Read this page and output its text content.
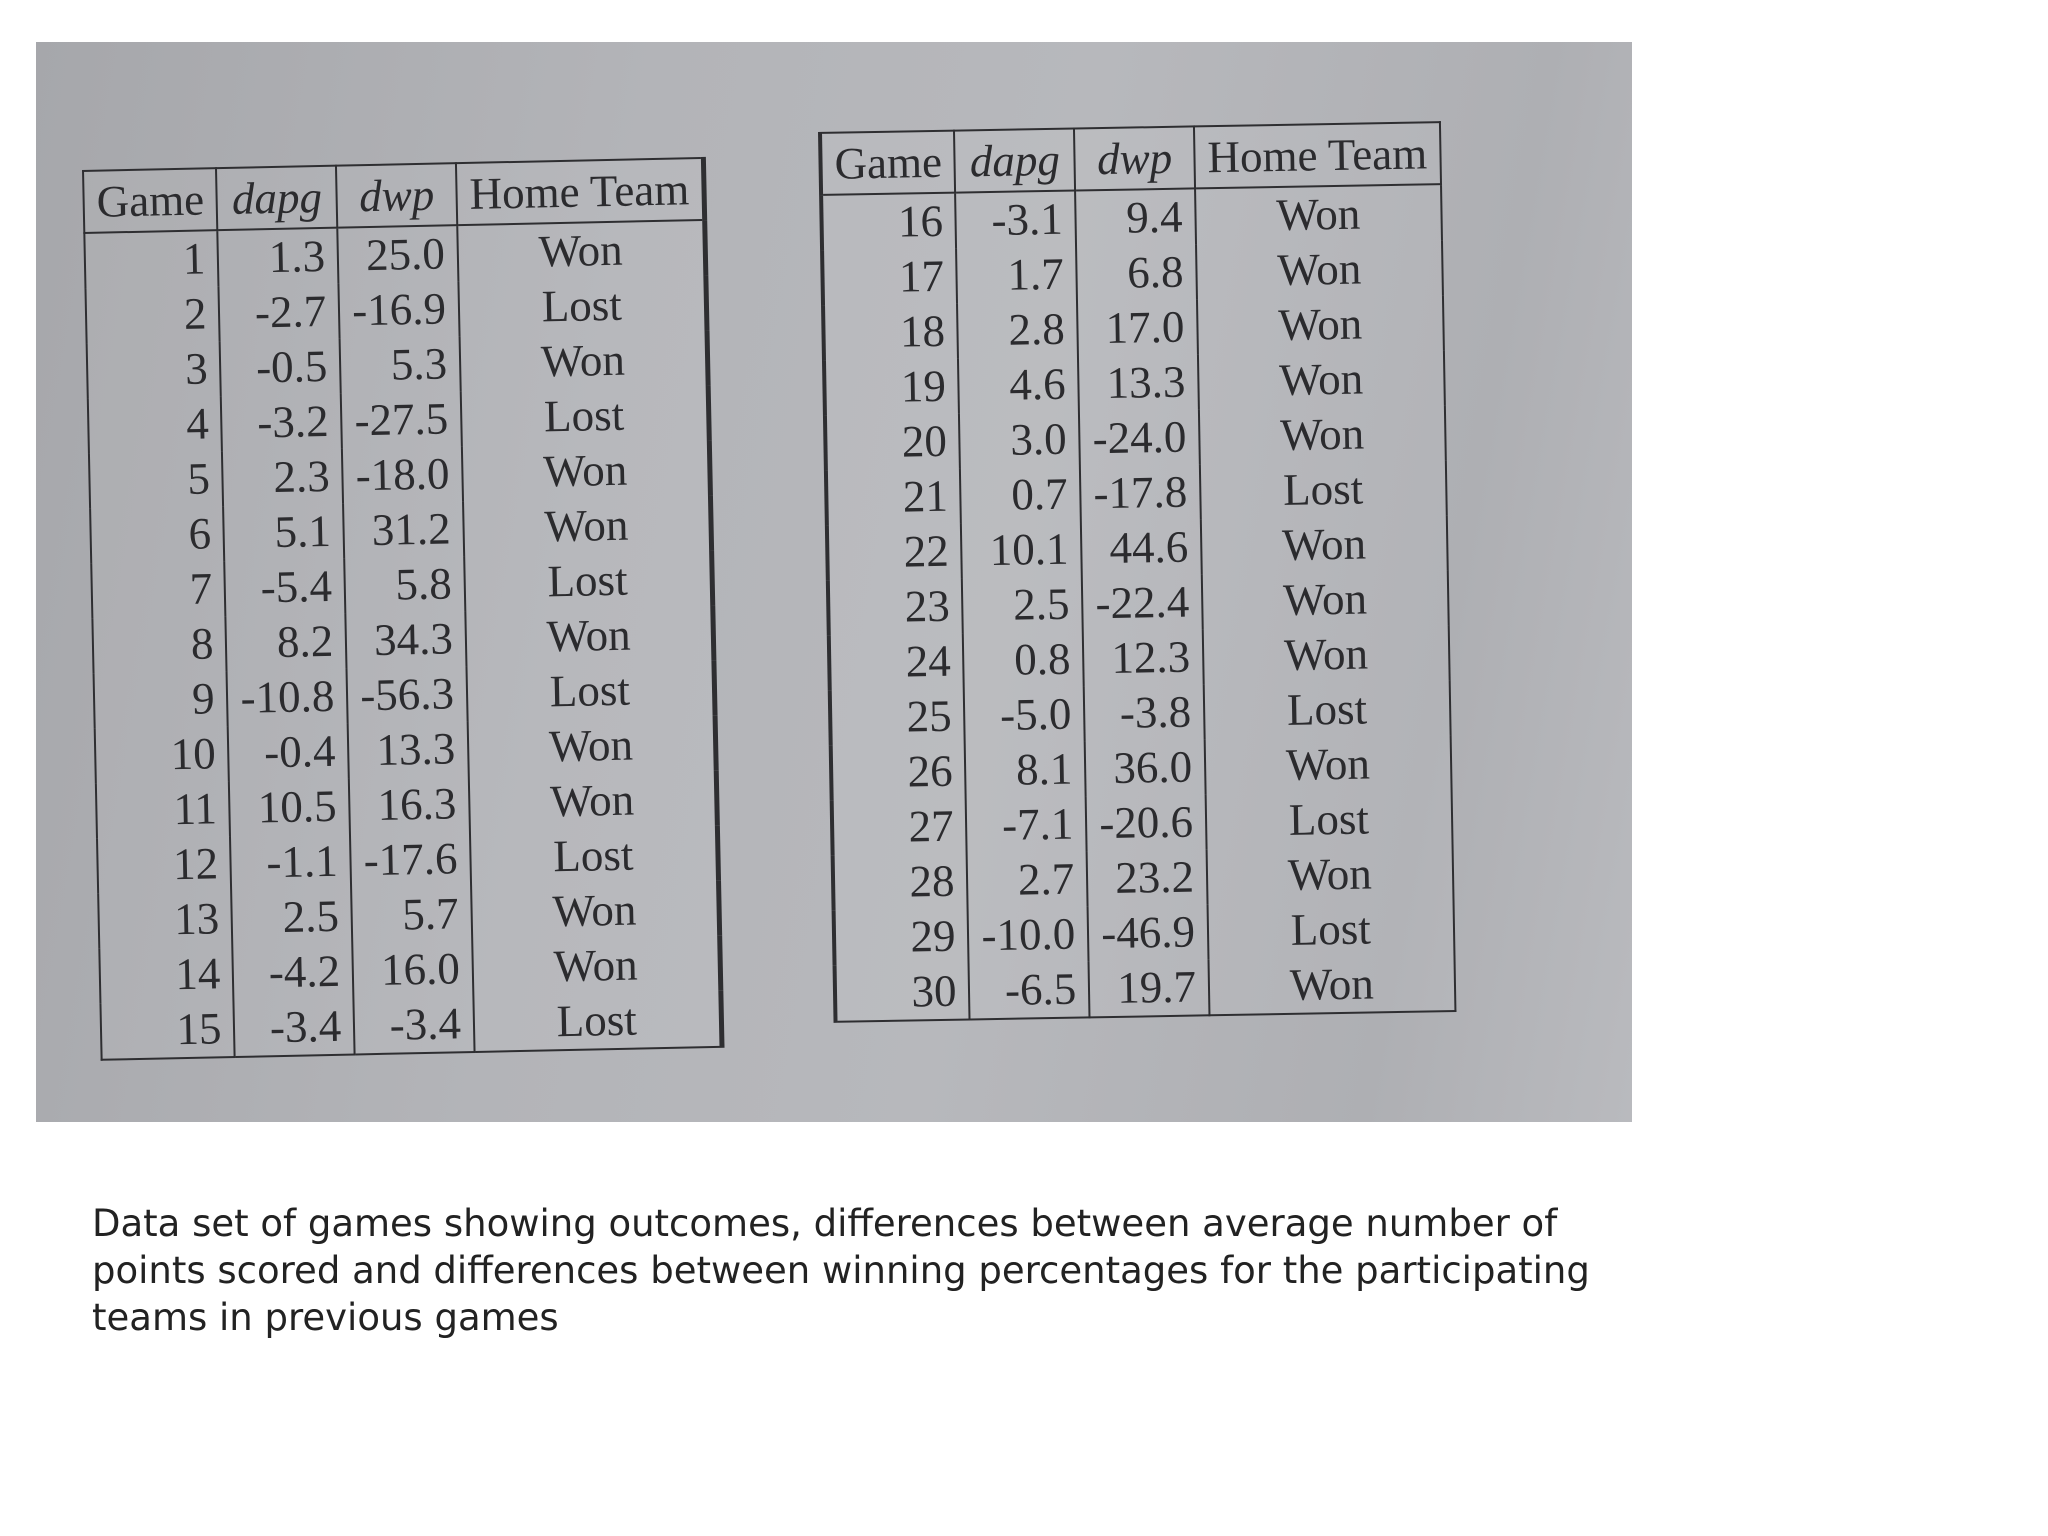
Game	dapg	dwp	Home Team
1	1.3	25.0	Won
2	-2.7	-16.9	Lost
3	-0.5	5.3	Won
4	-3.2	-27.5	Lost
5	2.3	-18.0	Won
6	5.1	31.2	Won
7	-5.4	5.8	Lost
8	8.2	34.3	Won
9	-10.8	-56.3	Lost
10	-0.4	13.3	Won
11	10.5	16.3	Won
12	-1.1	-17.6	Lost
13	2.5	5.7	Won
14	-4.2	16.0	Won
15	-3.4	-3.4	Lost
Game	dapg	dwp	Home Team
16	-3.1	9.4	Won
17	1.7	6.8	Won
18	2.8	17.0	Won
19	4.6	13.3	Won
20	3.0	-24.0	Won
21	0.7	-17.8	Lost
22	10.1	44.6	Won
23	2.5	-22.4	Won
24	0.8	12.3	Won
25	-5.0	-3.8	Lost
26	8.1	36.0	Won
27	-7.1	-20.6	Lost
28	2.7	23.2	Won
29	-10.0	-46.9	Lost
30	-6.5	19.7	Won
Data set of games showing outcomes, differences between average number of points scored and differences between winning percentages for the participating teams in previous games
